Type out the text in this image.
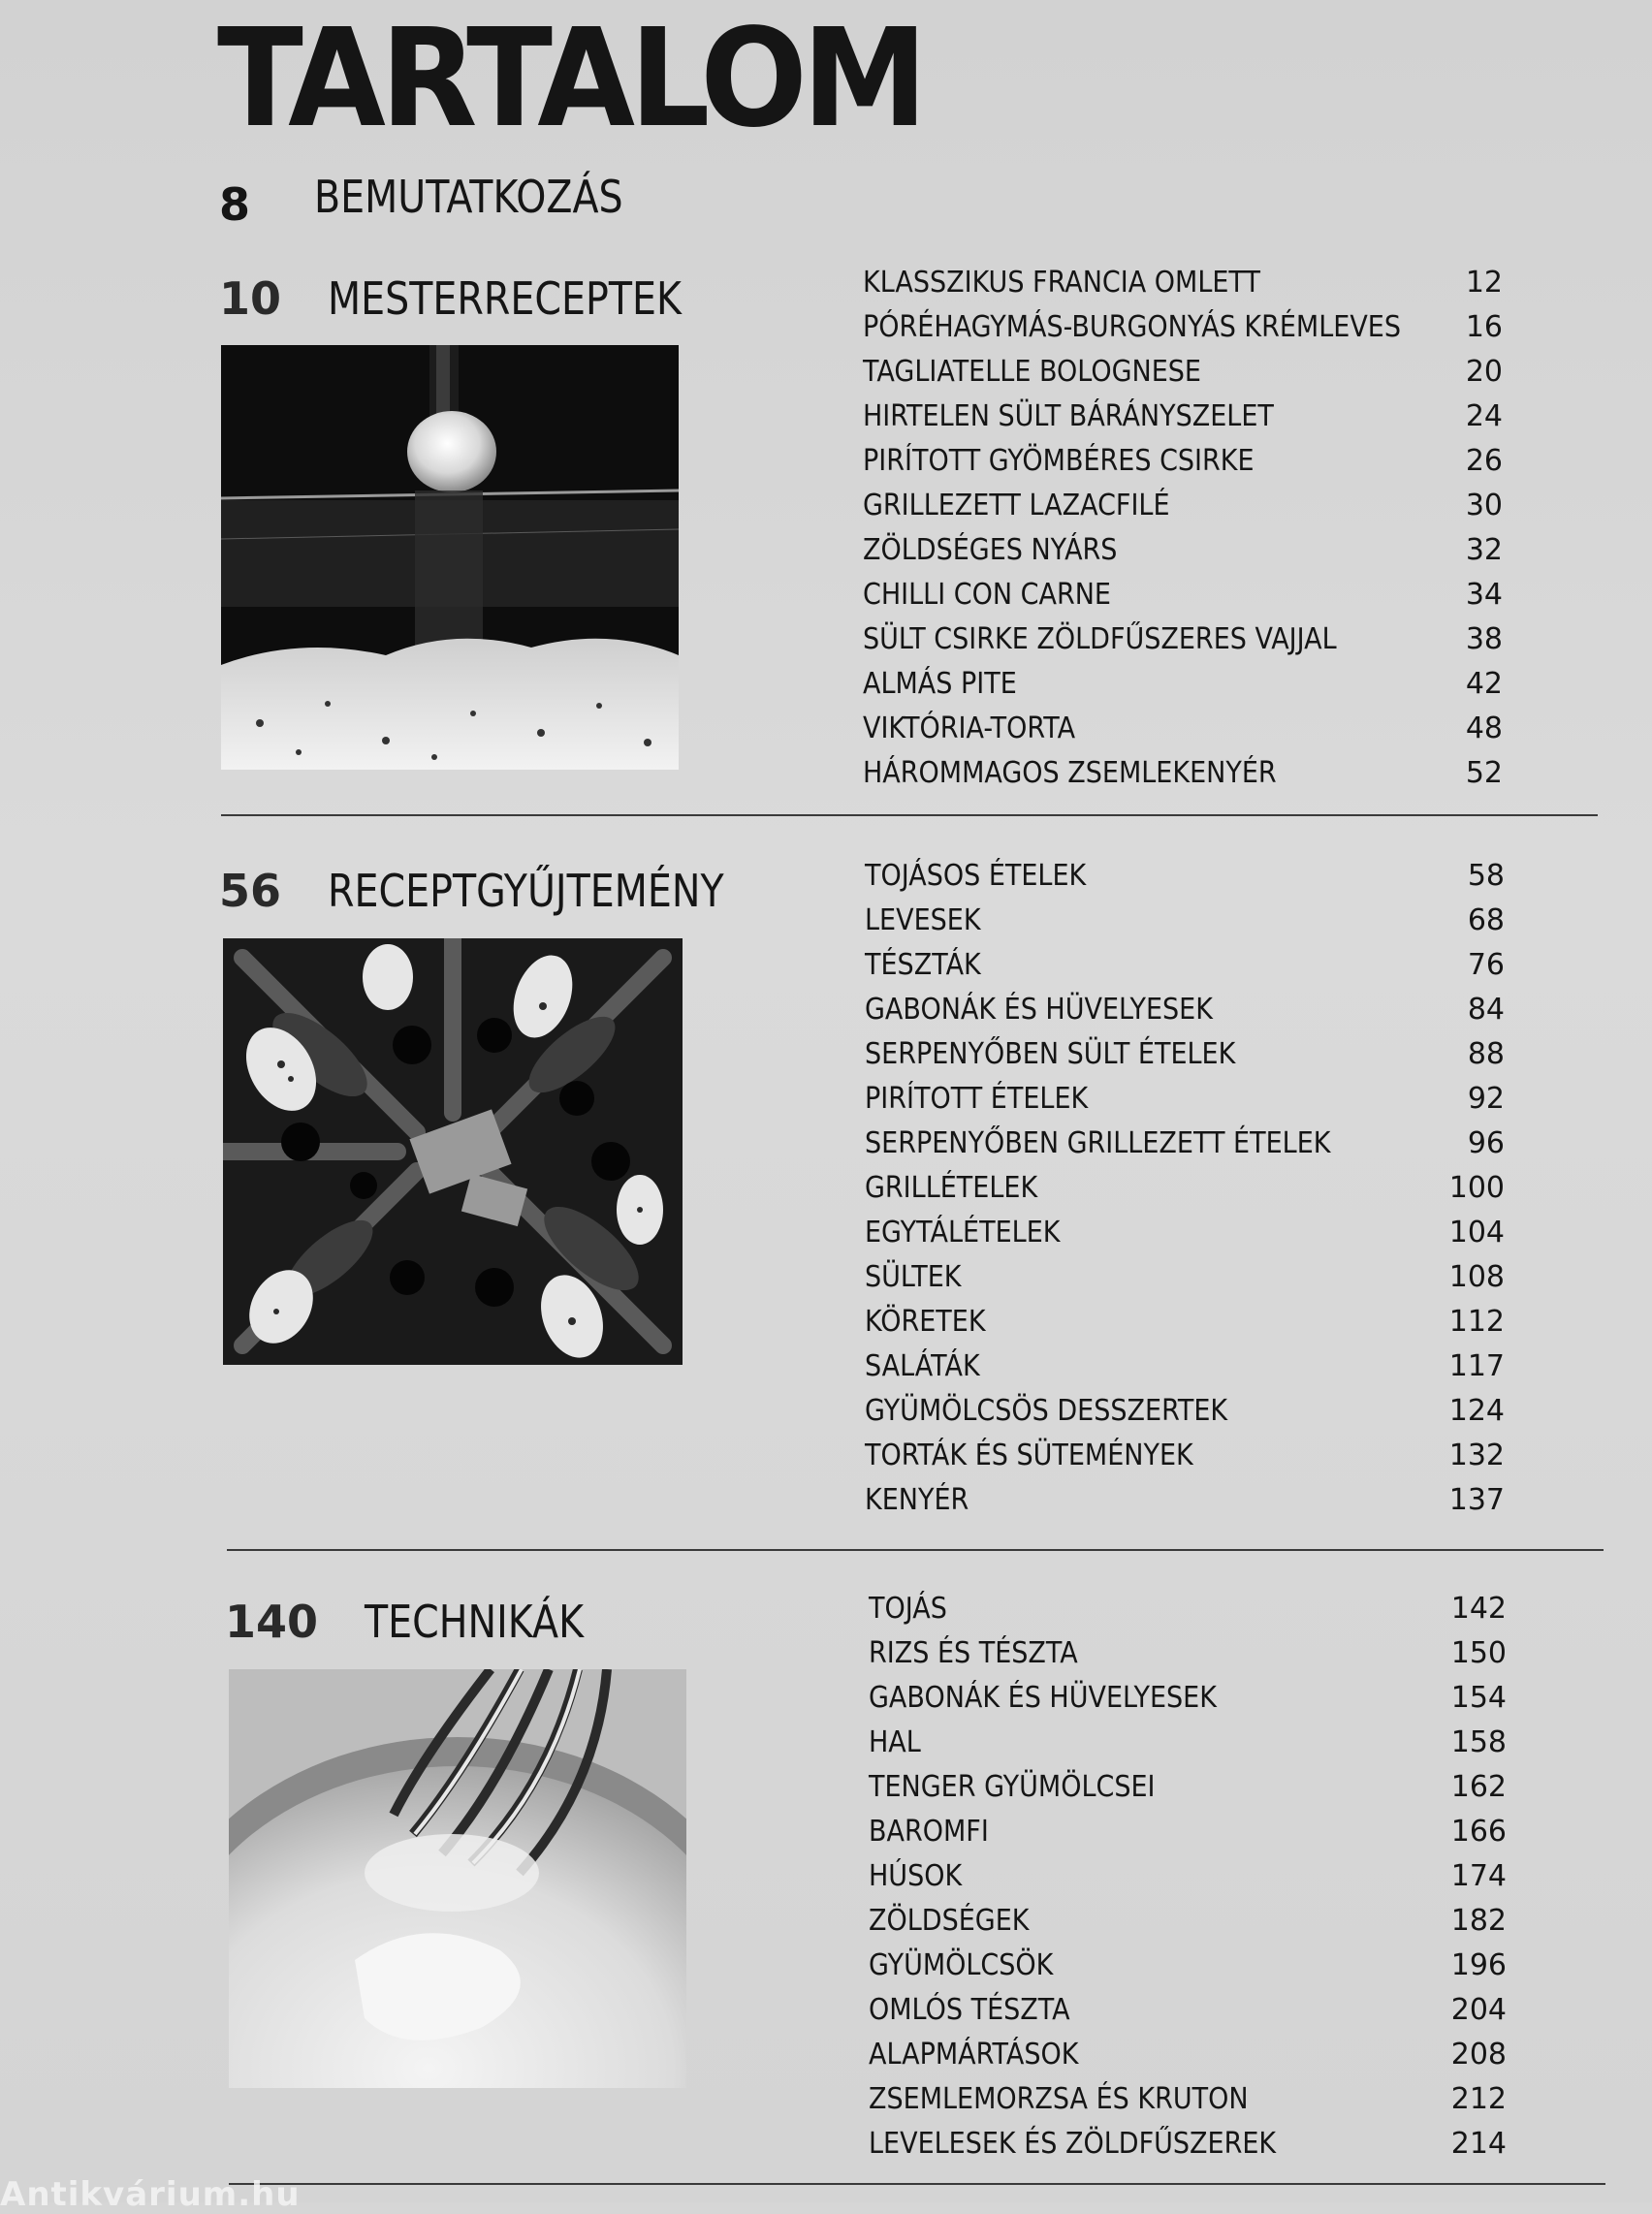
TARTALOM
8 BEMUTATKOZÁS
10 MESTERRECEPTEK	KLASSZIKUS FRANCIA OMLETT	12
PÓRÉHAGYMÁS-BURGONYÁS KRÉMLEVES 16
TAGLIATELLE BOLOGNESE	20
HIRTELEN SÜLT BÁRÁNYSZELET	24
PIRÍTOTT GYÖMBÉRES CSIRKE	26
GRILLEZETT LAZACFILÉ	30
ZÖLDSÉGES NYÁRS	32
CHILLI CON CARNE	34
SÜLT CSIRKE ZÖLDFŰSZERES VAJJAL	38
ALMÁS PITE	42
VIKTÓRIA-TORTA	48
HÁROMMAGOS ZSEMLEKENYÉR	52
56 RECEPTGYŰJTEMÉNY	TOJÁSOS ÉTELEK	58
LEVESEK	68
TÉSZTÁK	76
GABONÁK ÉS HÜVELYESEK	84
SERPENYŐBEN SÜLT ÉTELEK	88
PIRÍTOTT ÉTELEK	92
SERPENYŐBEN GRILLEZETT ÉTELEK	96
GRILLÉTELEK	100
EGYTÁLÉTELEK	104
SÜLTEK	108
KÖRETEK	112
SALÁTÁK	117
GYÜMÖLCSÖS DESSZERTEK	124
TORTÁK ÉS SÜTEMÉNYEK	132
KENYÉR	137
140 TECHNIKÁK	TOJÁS	142
RIZS ÉS TÉSZTA	150
GABONÁK ÉS HÜVELYESEK	154
HAL	158
TENGER GYÜMÖLCSEI	162
BAROMFI	166
HÚSOK	174
ZÖLDSÉGEK	182
GYÜMÖLCSÖK	196
OMLÓS TÉSZTA	204
ALAPMÁRTÁSOK	208
ZSEMLEMORZSA ÉS KRUTON	212
LEVELESEK ÉS ZÖLDFŰSZEREK	214
Antikvárium.hu
